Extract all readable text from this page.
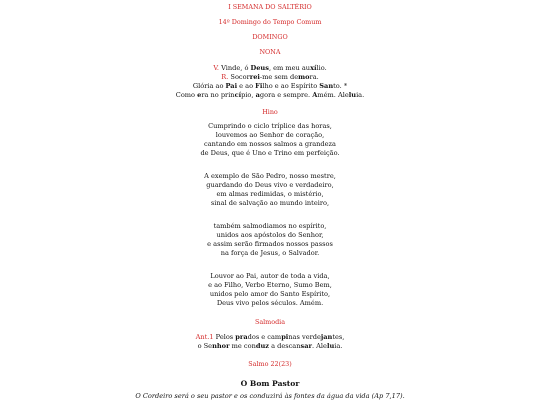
I SEMANA DO SALTÉRIO
14º Domingo do Tempo Comum
DOMINGO
NONA
V. Vinde, ó Deus, em meu auxílio.
R. Socorrei-me sem demora.
Glória ao Pai e ao Filho e ao Espírito Santo. *
Como era no princípio, agora e sempre. Amém. Aleluia.
Hino
Cumprindo o ciclo tríplice das horas,
louvemos ao Senhor de coração,
cantando em nossos salmos a grandeza
de Deus, que é Uno e Trino em perfeição.
A exemplo de São Pedro, nosso mestre,
guardando do Deus vivo e verdadeiro,
em almas redimidas, o mistério,
sinal de salvação ao mundo inteiro,
também salmodiamos no espírito,
unidos aos apóstolos do Senhor,
e assim serão firmados nossos passos
na força de Jesus, o Salvador.
Louvor ao Pai, autor de toda a vida,
e ao Filho, Verbo Eterno, Sumo Bem,
unidos pelo amor do Santo Espírito,
Deus vivo pelos séculos. Amém.
Salmodia
Ant.1 Pelos prados e campinas verdejantes,
o Senhor me conduz a descansar. Aleluia.
Salmo 22(23)
O Bom Pastor
O Cordeiro será o seu pastor e os conduzirá às fontes da água da vida (Ap 7,17).
